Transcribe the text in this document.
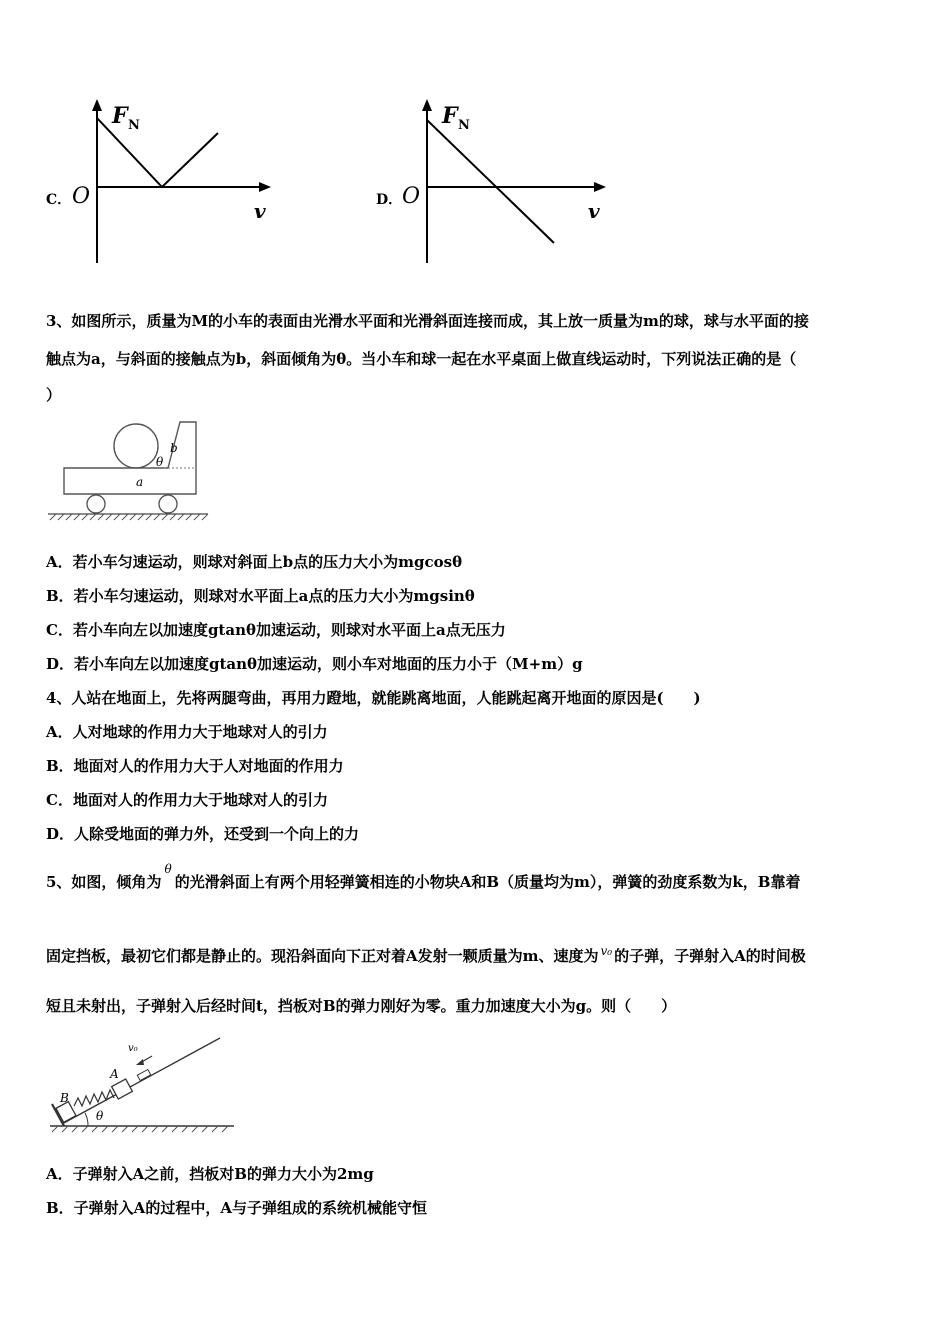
C．
F N
O
v	D．
F N
O
v
3、如图所示，质量为M的小车的表面由光滑水平面和光滑斜面连接而成，其上放一质量为m的球，球与水平面的接
触点为a，与斜面的接触点为b，斜面倾角为θ。当小车和球一起在水平桌面上做直线运动时，下列说法正确的是（
）
b
θ
a
A．若小车匀速运动，则球对斜面上b点的压力大小为mgcosθ
B．若小车匀速运动，则球对水平面上a点的压力大小为mgsinθ
C．若小车向左以加速度gtanθ加速运动，则球对水平面上a点无压力
D．若小车向左以加速度gtanθ加速运动，则小车对地面的压力小于（M+m）g
4、人站在地面上，先将两腿弯曲，再用力蹬地，就能跳离地面，人能跳起离开地面的原因是(　　)
A．人对地球的作用力大于地球对人的引力
B．地面对人的作用力大于人对地面的作用力
C．地面对人的作用力大于地球对人的引力
D．人除受地面的弹力外，还受到一个向上的力
5、如图，倾角为$^\theta$的光滑斜面上有两个用轻弹簧相连的小物块A和B（质量均为m），弹簧的劲度系数为k，B靠着
固定挡板，最初它们都是静止的。现沿斜面向下正对着A发射一颗质量为m、速度为 $^{v_0}$ 的子弹，子弹射入A的时间极
短且未射出，子弹射入后经时间t，挡板对B的弹力刚好为零。重力加速度大小为g。则（　　）
v₀
A
B
θ
A．子弹射入A之前，挡板对B的弹力大小为2mg
B．子弹射入A的过程中，A与子弹组成的系统机械能守恒
